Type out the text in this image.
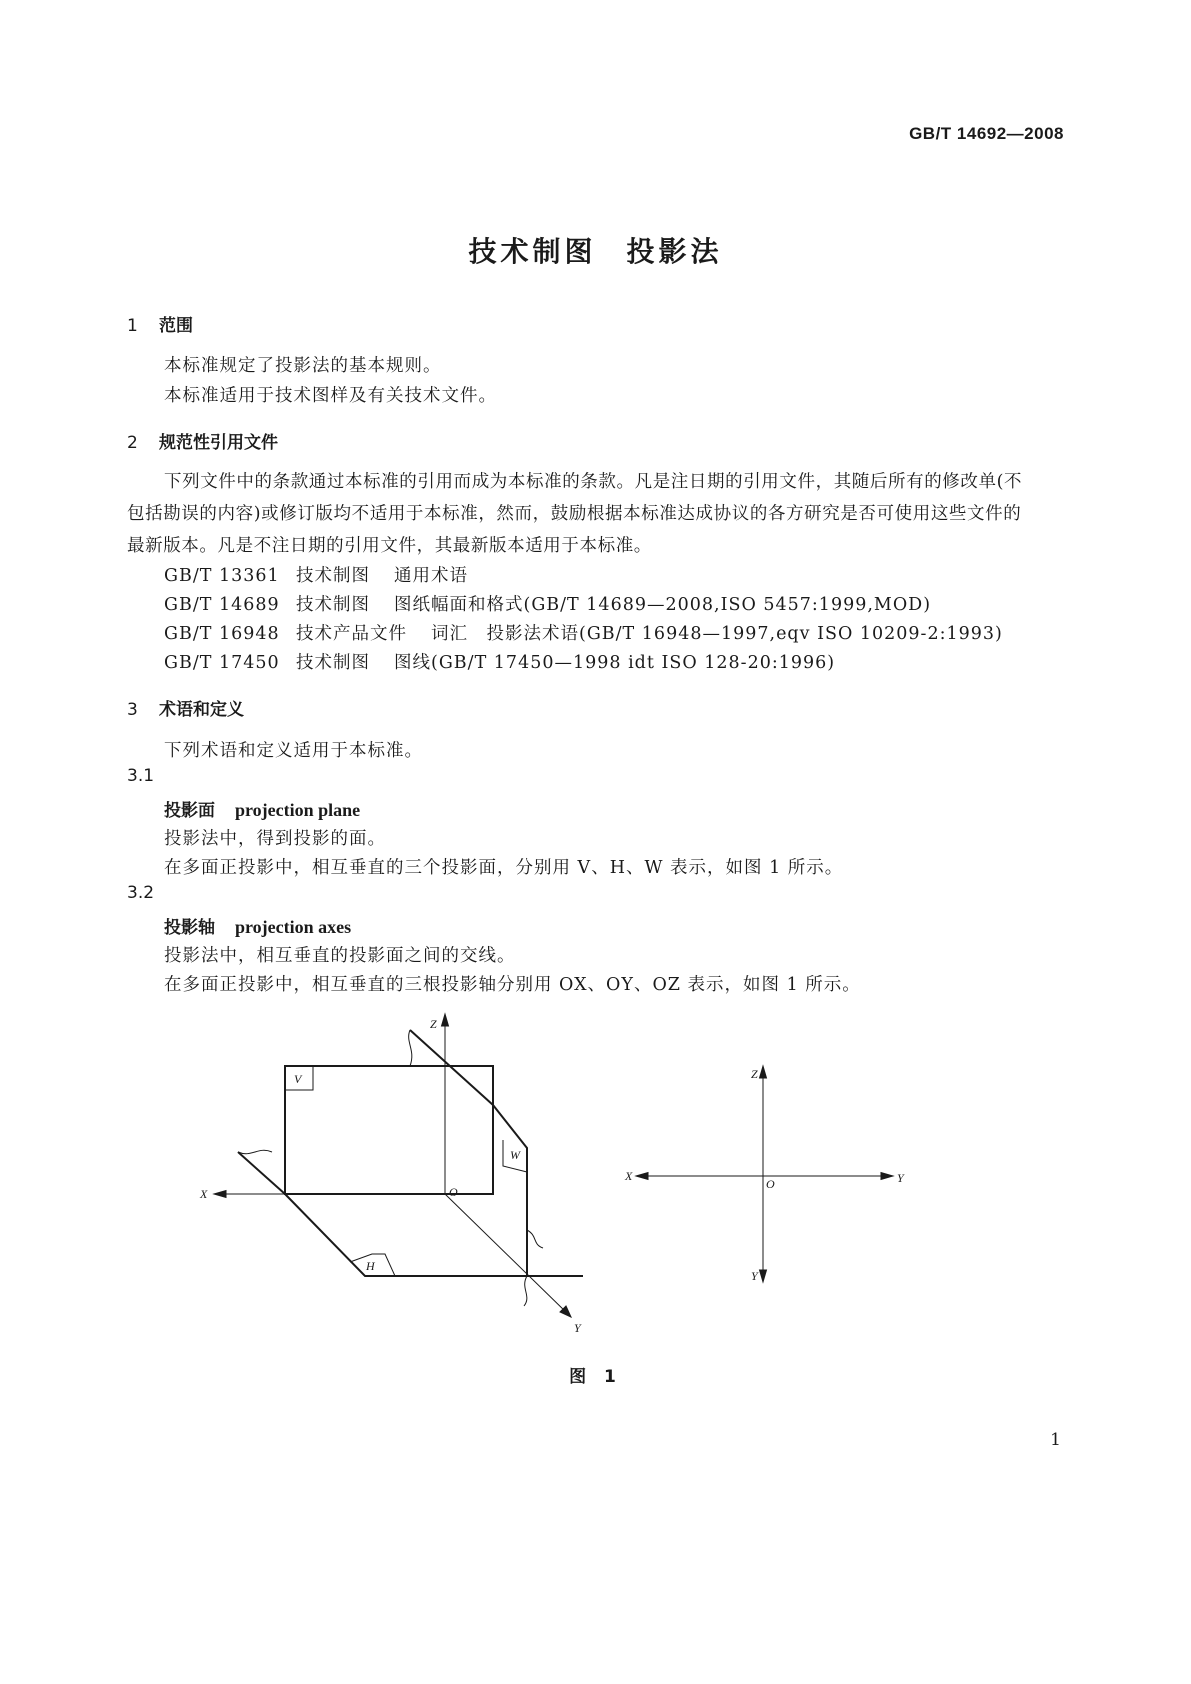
GB/T 14692—2008
技术制图 投影法
1 范围
本标准规定了投影法的基本规则。
本标准适用于技术图样及有关技术文件。
2 规范性引用文件
下列文件中的条款通过本标准的引用而成为本标准的条款。凡是注日期的引用文件，其随后所有的修改单(不包括勘误的内容)或修订版均不适用于本标准，然而，鼓励根据本标准达成协议的各方研究是否可使用这些文件的最新版本。凡是不注日期的引用文件，其最新版本适用于本标准。
GB/T 13361 技术制图 通用术语
GB/T 14689 技术制图 图纸幅面和格式(GB/T 14689—2008,ISO 5457:1999,MOD)
GB/T 16948 技术产品文件 词汇　投影法术语(GB/T 16948—1997,eqv ISO 10209-2:1993)
GB/T 17450 技术制图 图线(GB/T 17450—1998 idt ISO 128-20:1996)
3 术语和定义
下列术语和定义适用于本标准。
3.1
投影面 projection plane
投影法中，得到投影的面。
在多面正投影中，相互垂直的三个投影面，分别用 V、H、W 表示，如图 1 所示。
3.2
投影轴 projection axes
投影法中，相互垂直的投影面之间的交线。
在多面正投影中，相互垂直的三根投影轴分别用 OX、OY、OZ 表示，如图 1 所示。
Z
X	O
Y
V
W
H
Z
X
O	Y
Y
图 1
1
